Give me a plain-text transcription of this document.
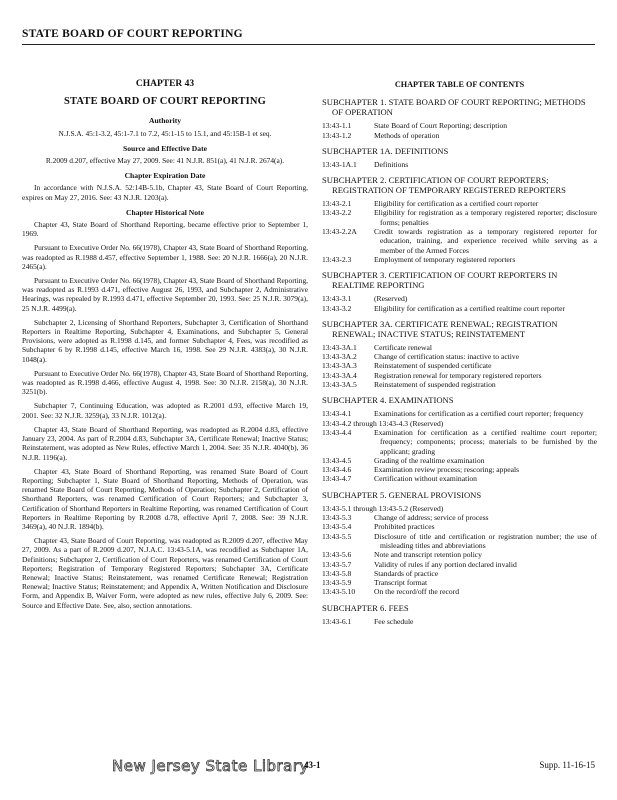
STATE BOARD OF COURT REPORTING
CHAPTER 43
STATE BOARD OF COURT REPORTING
Authority
N.J.S.A. 45:1-3.2, 45:1-7.1 to 7.2, 45:1-15 to 15.1, and 45:15B-1 et seq.
Source and Effective Date
R.2009 d.207, effective May 27, 2009. See: 41 N.J.R. 851(a), 41 N.J.R. 2674(a).
Chapter Expiration Date
In accordance with N.J.S.A. 52:14B-5.1b, Chapter 43, State Board of Court Reporting, expires on May 27, 2016. See: 43 N.J.R. 1203(a).
Chapter Historical Note

Chapter 43, State Board of Shorthand Reporting, became effective prior to September 1, 1969.

Pursuant to Executive Order No. 66(1978), Chapter 43, State Board of Shorthand Reporting, was readopted as R.1988 d.457, effective September 1, 1988. See: 20 N.J.R. 1666(a), 20 N.J.R. 2465(a).

Pursuant to Executive Order No. 66(1978), Chapter 43, State Board of Shorthand Reporting, was readopted as R.1993 d.471, effective August 26, 1993, and Subchapter 2, Administrative Hearings, was repealed by R.1993 d.471, effective September 20, 1993. See: 25 N.J.R. 3079(a), 25 N.J.R. 4499(a).

Subchapter 2, Licensing of Shorthand Reporters, Subchapter 3, Certification of Shorthand Reporters in Realtime Reporting, Subchapter 4, Examinations, and Subchapter 5, General Provisions, were adopted as R.1998 d.145, and former Subchapter 4, Fees, was recodified as Subchapter 6 by R.1998 d.145, effective March 16, 1998. See 29 N.J.R. 4383(a), 30 N.J.R. 1048(a).

Pursuant to Executive Order No. 66(1978), Chapter 43, State Board of Shorthand Reporting, was readopted as R.1998 d.466, effective August 4, 1998. See: 30 N.J.R. 2158(a), 30 N.J.R. 3251(b).

Subchapter 7, Continuing Education, was adopted as R.2001 d.93, effective March 19, 2001. See: 32 N.J.R. 3259(a), 33 N.J.R. 1012(a).

Chapter 43, State Board of Shorthand Reporting, was readopted as R.2004 d.83, effective January 23, 2004. As part of R.2004 d.83, Subchapter 3A, Certificate Renewal; Inactive Status; Reinstatement, was adopted as New Rules, effective March 1, 2004. See: 35 N.J.R. 4040(b), 36 N.J.R. 1196(a).

Chapter 43, State Board of Shorthand Reporting, was renamed State Board of Court Reporting; Subchapter 1, State Board of Shorthand Reporting, Methods of Operation, was renamed State Board of Court Reporting, Methods of Operation; Subchapter 2, Certification of Shorthand Reporters, was renamed Certification of Court Reporters; and Subchapter 3, Certification of Shorthand Reporters in Realtime Reporting, was renamed Certification of Court Reporters in Realtime Reporting by R.2008 d.78, effective April 7, 2008. See: 39 N.J.R. 3469(a), 40 N.J.R. 1894(b).

Chapter 43, State Board of Court Reporting, was readopted as R.2009 d.207, effective May 27, 2009. As a part of R.2009 d.207, N.J.A.C. 13:43-5.1A, was recodified as Subchapter 1A, Definitions; Subchapter 2, Certification of Court Reporters, was renamed Certification of Court Reporters; Registration of Temporary Registered Reporters; Subchapter 3A, Certificate Renewal; Inactive Status; Reinstatement, was renamed Certificate Renewal; Registration Renewal; Inactive Status; Reinstatement; and Appendix A, Written Notification and Disclosure Form, and Appendix B, Waiver Form, were adopted as new rules, effective July 6, 2009. See: Source and Effective Date. See, also, section annotations.

CHAPTER TABLE OF CONTENTS
SUBCHAPTER 1. STATE BOARD OF COURT REPORTING; METHODS OF OPERATION
13:43-1.1	State Board of Court Reporting; description
13:43-1.2	Methods of operation
SUBCHAPTER 1A. DEFINITIONS
13:43-1A.1	Definitions
SUBCHAPTER 2. CERTIFICATION OF COURT REPORTERS; REGISTRATION OF TEMPORARY REGISTERED REPORTERS
13:43-2.1	Eligibility for certification as a certified court reporter
13:43-2.2	Eligibility for registration as a temporary registered reporter; disclosure forms; penalties
13:43-2.2A	Credit towards registration as a temporary registered reporter for education, training, and experience received while serving as a member of the Armed Forces
13:43-2.3	Employment of temporary registered reporters
SUBCHAPTER 3. CERTIFICATION OF COURT REPORTERS IN REALTIME REPORTING
13:43-3.1	(Reserved)
13:43-3.2	Eligibility for certification as a certified realtime court reporter
SUBCHAPTER 3A. CERTIFICATE RENEWAL; REGISTRATION RENEWAL; INACTIVE STATUS; REINSTATEMENT
13:43-3A.1	Certificate renewal
13:43-3A.2	Change of certification status: inactive to active
13:43-3A.3	Reinstatement of suspended certificate
13:43-3A.4	Registration renewal for temporary registered reporters
13:43-3A.5	Reinstatement of suspended registration
SUBCHAPTER 4. EXAMINATIONS
13:43-4.1	Examinations for certification as a certified court reporter; frequency
13:43-4.2 through 13:43-4.3 (Reserved)
13:43-4.4	Examination for certification as a certified realtime court reporter; frequency; components; process; materials to be furnished by the applicant; grading
13:43-4.5	Grading of the realtime examination
13:43-4.6	Examination review process; rescoring; appeals
13:43-4.7	Certification without examination
SUBCHAPTER 5. GENERAL PROVISIONS
13:43-5.1 through 13:43-5.2 (Reserved)
13:43-5.3	Change of address; service of process
13:43-5.4	Prohibited practices
13:43-5.5	Disclosure of title and certification or registration number; the use of misleading titles and abbreviations
13:43-5.6	Note and transcript retention policy
13:43-5.7	Validity of rules if any portion declared invalid
13:43-5.8	Standards of practice
13:43-5.9	Transcript format
13:43-5.10	On the record/off the record
SUBCHAPTER 6. FEES
13:43-6.1	Fee schedule
New Jersey State Library
43-1	Supp. 11-16-15
